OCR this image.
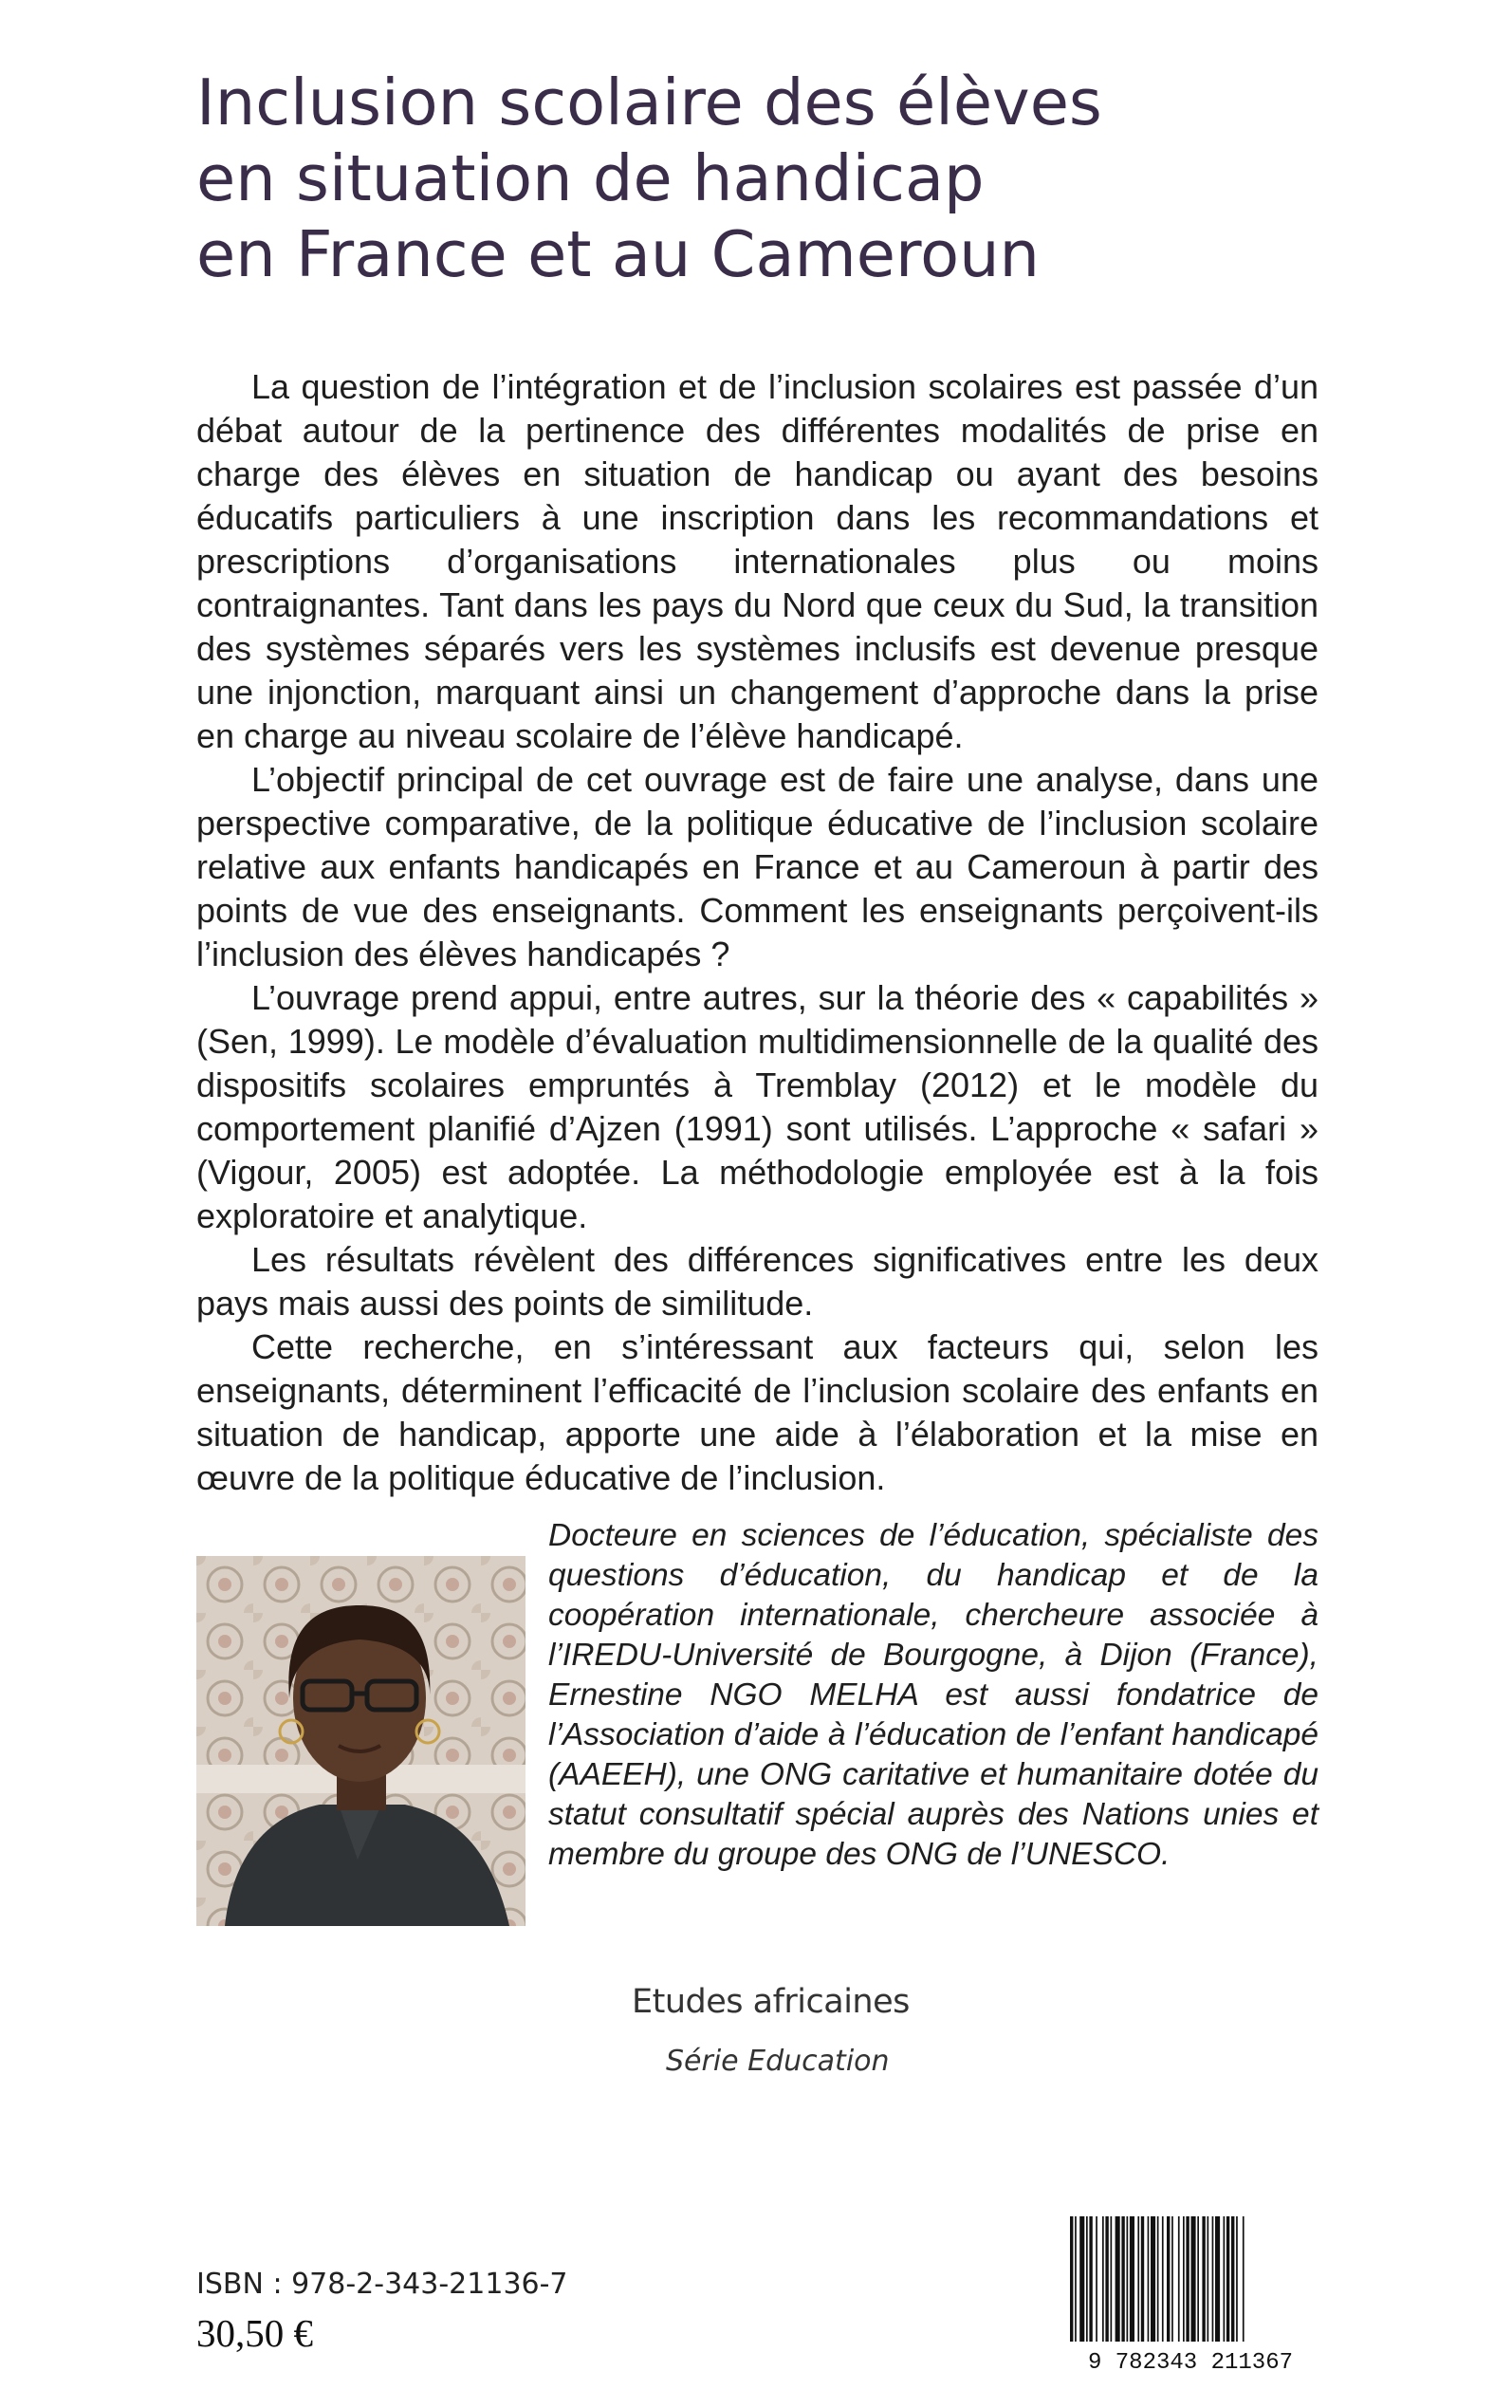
Inclusion scolaire des élèves
en situation de handicap
en France et au Cameroun

La question de l’intégration et de l’inclusion scolaires est passée d’un débat autour de la pertinence des différentes modalités de prise en charge des élèves en situation de handicap ou ayant des besoins éducatifs particuliers à une inscription dans les recommandations et prescriptions d’organisations internationales plus ou moins contraignantes. Tant dans les pays du Nord que ceux du Sud, la transition des systèmes séparés vers les systèmes inclusifs est devenue presque une injonction, marquant ainsi un changement d’approche dans la prise en charge au niveau scolaire de l’élève handicapé.

L’objectif principal de cet ouvrage est de faire une analyse, dans une perspective comparative, de la politique éducative de l’inclusion scolaire relative aux enfants handicapés en France et au Cameroun à partir des points de vue des enseignants. Comment les enseignants perçoivent-ils l’inclusion des élèves handicapés ?

L’ouvrage prend appui, entre autres, sur la théorie des « capabilités » (Sen, 1999). Le modèle d’évaluation multidimensionnelle de la qualité des dispositifs scolaires empruntés à Tremblay (2012) et le modèle du comportement planifié d’Ajzen (1991) sont utilisés. L’approche « safari » (Vigour, 2005) est adoptée. La méthodologie employée est à la fois exploratoire et analytique.

Les résultats révèlent des différences significatives entre les deux pays mais aussi des points de similitude.

Cette recherche, en s’intéressant aux facteurs qui, selon les enseignants, déterminent l’efficacité de l’inclusion scolaire des enfants en situation de handicap, apporte une aide à l’élaboration et la mise en œuvre de la politique éducative de l’inclusion.

Docteure en sciences de l’éducation, spécialiste des questions d’éducation, du handicap et de la coopération internationale, chercheure associée à l’IREDU-Université de Bourgogne, à Dijon (France), Ernestine NGO MELHA est aussi fondatrice de l’Association d’aide à l’éducation de l’enfant handicapé (AAEEH), une ONG caritative et humanitaire dotée du statut consultatif spécial auprès des Nations unies et membre du groupe des ONG de l’UNESCO.

Etudes africaines
Série Education
ISBN : 978-2-343-21136-7
30,50 €
9 782343 211367
